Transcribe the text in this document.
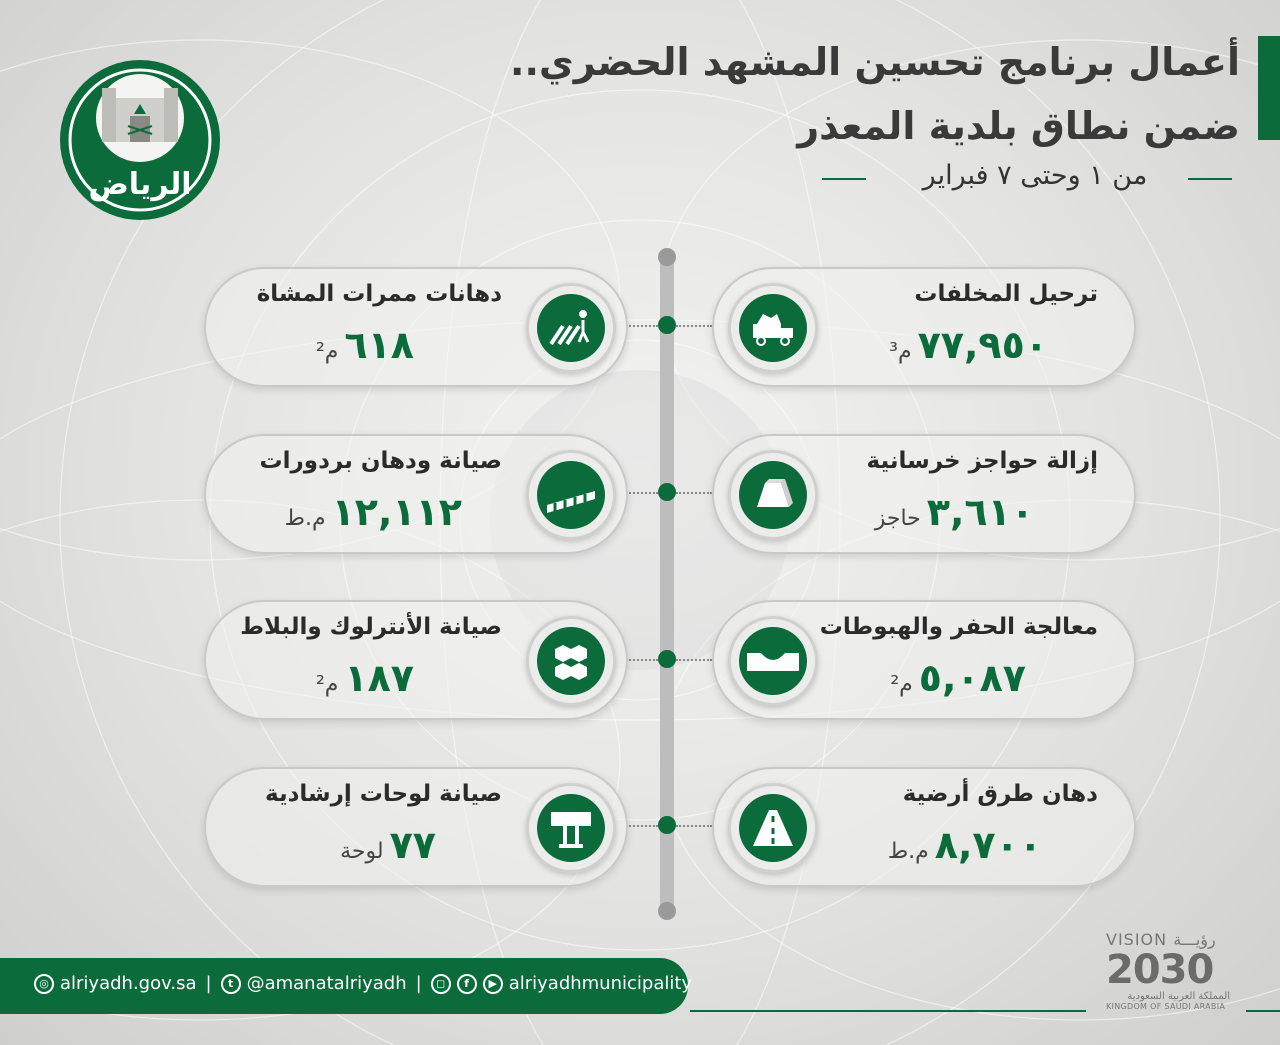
أعمال برنامج تحسين المشهد الحضري..
ضمن نطاق بلدية المعذر
من ١ وحتى ٧ فبراير
الرياض
ترحيل المخلفات
٧٧,٩٥٠م³
إزالة حواجز خرسانية
٣,٦١٠حاجز
معالجة الحفر والهبوطات
٥,٠٨٧م²
دهان طرق أرضية
٨,٧٠٠م.ط
دهانات ممرات المشاة
٦١٨م²
صيانة ودهان بردورات
١٢,١١٢م.ط
صيانة الأنترلوك والبلاط
١٨٧م²
صيانة لوحات إرشادية
٧٧لوحة
◎ alriyadh.gov.sa |	t @amanatalriyadh |	◻	f	▶ alriyadhmunicipality
VISION رؤيـــة
2030
المملكة العربية السعودية
KINGDOM OF SAUDI ARABIA
